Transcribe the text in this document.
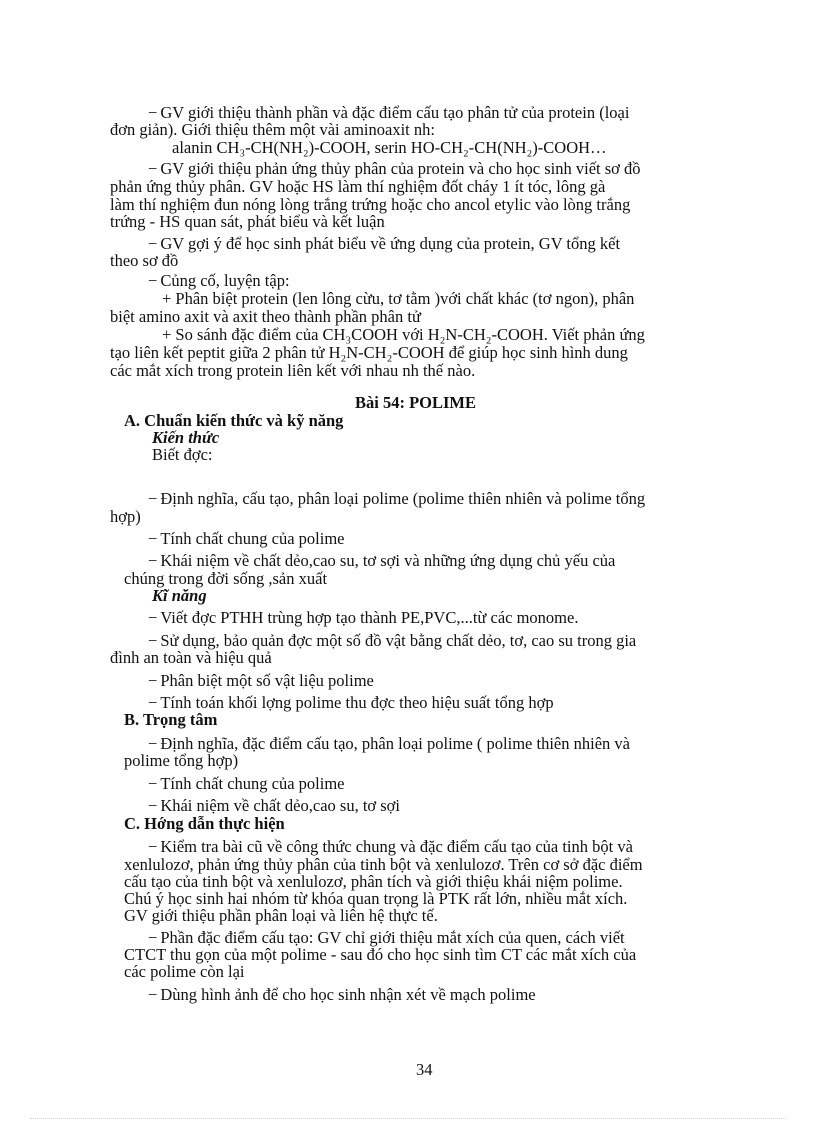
− GV giới thiệu thành phần và đặc điểm cấu tạo phân tử của protein (loại
đơn giản). Giới thiệu thêm một vài aminoaxit nh:
alanin CH₃-CH(NH₂)-COOH, serin HO-CH₂-CH(NH₂)-COOH…
− GV giới thiệu phản ứng thủy phân của protein và cho học sinh viết sơ đồ
phản ứng thủy phân. GV hoặc HS làm thí nghiệm đốt cháy 1 ít tóc, lông gà
làm thí nghiệm đun nóng lòng trắng trứng hoặc cho ancol etylic vào lòng trắng
trứng - HS quan sát, phát biểu và kết luận
− GV gợi ý để học sinh phát biểu về ứng dụng của protein, GV tổng kết
theo sơ đồ
− Củng cố, luyện tập:
+ Phân biệt protein (len lông cừu, tơ tằm )với chất khác (tơ ngon), phân
biệt amino axit và axit theo thành phần phân tử
+ So sánh đặc điểm của CH₃COOH với H₂N-CH₂-COOH. Viết phản ứng
tạo liên kết peptit giữa 2 phân tử H₂N-CH₂-COOH để giúp học sinh hình dung
các mắt xích trong protein liên kết với nhau nh thế nào.
Bài 54: POLIME
A. Chuẩn kiến thức và kỹ năng
Kiến thức
Biết đợc:
− Định nghĩa, cấu tạo, phân loại polime (polime thiên nhiên và polime tổng
hợp)
− Tính chất chung của polime
− Khái niệm về chất dẻo,cao su, tơ sợi và những ứng dụng chủ yếu của
chúng trong đời sống ,sản xuất
Kĩ năng
− Viết đợc PTHH trùng hợp tạo thành PE,PVC,...từ các monome.
− Sử dụng, bảo quản đợc một số đồ vật bằng chất dẻo, tơ, cao su trong gia
đình an toàn và hiệu quả
− Phân biệt một số vật liệu polime
− Tính toán khối lợng polime thu đợc theo hiệu suất tổng hợp
B. Trọng tâm
− Định nghĩa, đặc điểm cấu tạo, phân loại polime ( polime thiên nhiên và
polime tổng hợp)
− Tính chất chung của polime
− Khái niệm về chất dẻo,cao su, tơ sợi
C. Hớng dẫn thực hiện
− Kiểm tra bài cũ về công thức chung và đặc điểm cấu tạo của tinh bột và
xenlulozơ, phản ứng thủy phân của tinh bột và xenlulozơ. Trên cơ sở đặc điểm
cấu tạo của tinh bột và xenlulozơ, phân tích và giới thiệu khái niệm polime.
Chú ý học sinh hai nhóm từ khóa quan trọng là PTK rất lớn, nhiều mắt xích.
GV giới thiệu phần phân loại và liên hệ thực tế.
− Phần đặc điểm cấu tạo: GV chỉ giới thiệu mắt xích của quen, cách viết
CTCT thu gọn của một polime - sau đó cho học sinh tìm CT các mắt xích của
các polime còn lại
− Dùng hình ảnh để cho học sinh nhận xét về mạch polime
34
